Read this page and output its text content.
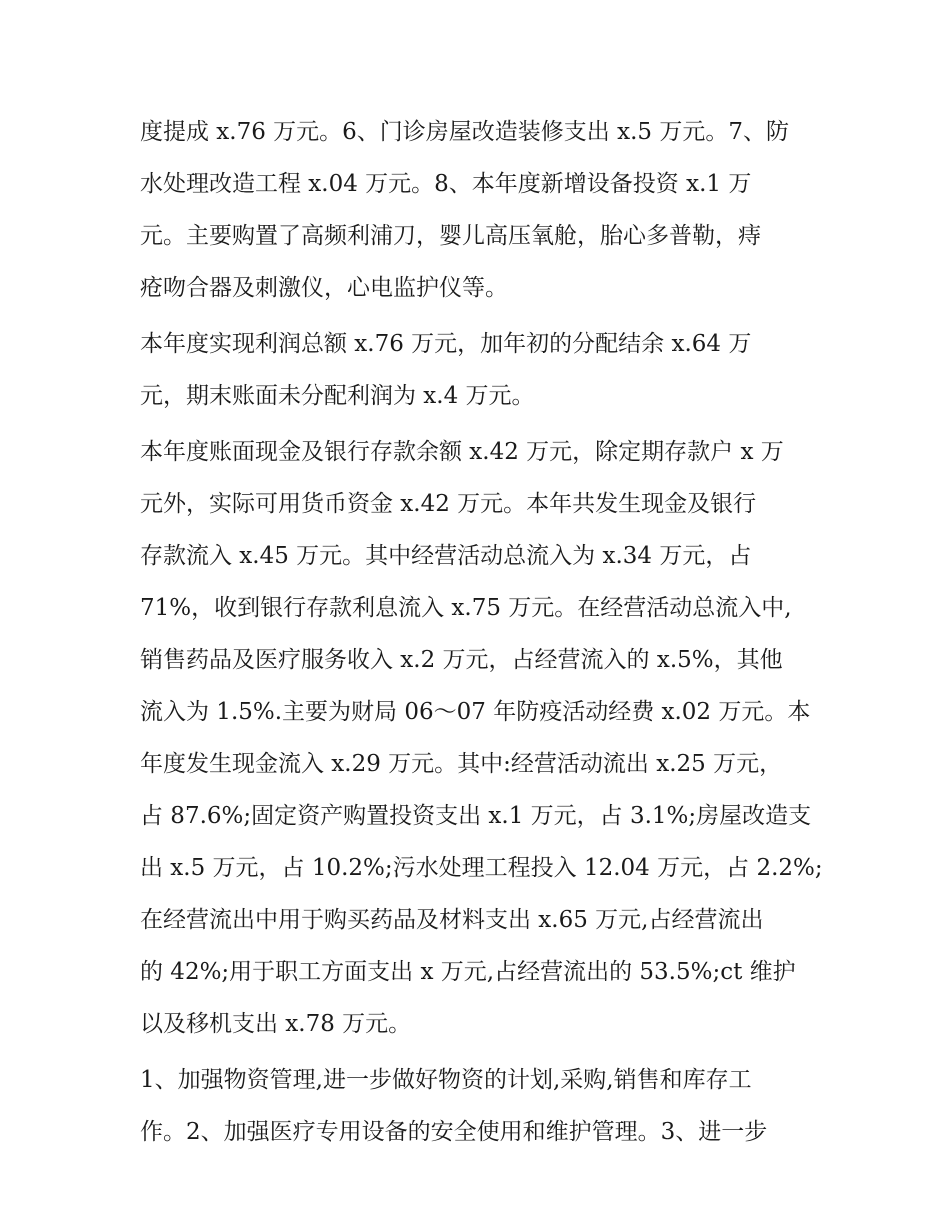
度提成 x.76 万元。6、门诊房屋改造装修支出 x.5 万元。7、防
水处理改造工程 x.04 万元。8、本年度新增设备投资 x.1 万
元。主要购置了高频利浦刀，婴儿高压氧舱，胎心多普勒，痔
疮吻合器及刺激仪，心电监护仪等。
本年度实现利润总额 x.76 万元，加年初的分配结余 x.64 万
元，期末账面未分配利润为 x.4 万元。
本年度账面现金及银行存款余额 x.42 万元，除定期存款户 x 万
元外，实际可用货币资金 x.42 万元。本年共发生现金及银行
存款流入 x.45 万元。其中经营活动总流入为 x.34 万元，占
71%，收到银行存款利息流入 x.75 万元。在经营活动总流入中,
销售药品及医疗服务收入 x.2 万元，占经营流入的 x.5%，其他
流入为 1.5%.主要为财局 06～07 年防疫活动经费 x.02 万元。本
年度发生现金流入 x.29 万元。其中:经营活动流出 x.25 万元，
占 87.6%;固定资产购置投资支出 x.1 万元，占 3.1%;房屋改造支
出 x.5 万元，占 10.2%;污水处理工程投入 12.04 万元，占 2.2%;
在经营流出中用于购买药品及材料支出 x.65 万元,占经营流出
的 42%;用于职工方面支出 x 万元,占经营流出的 53.5%;ct 维护
以及移机支出 x.78 万元。
1、加强物资管理,进一步做好物资的计划,采购,销售和库存工
作。2、加强医疗专用设备的安全使用和维护管理。3、进一步
